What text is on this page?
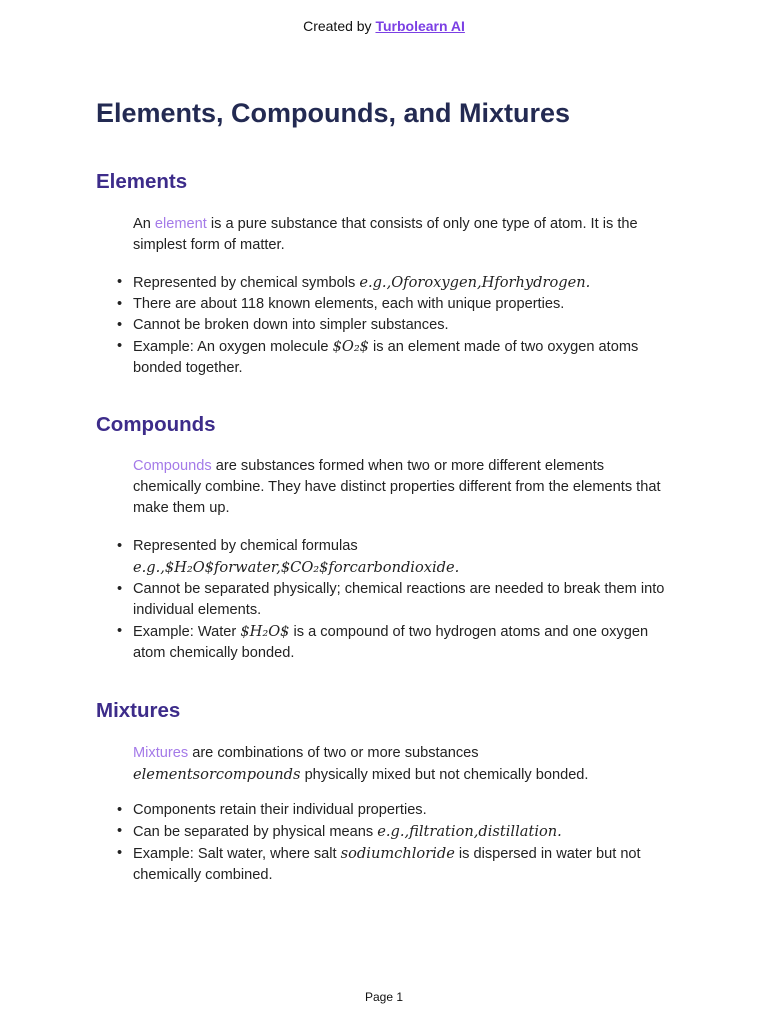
Created by Turbolearn AI
Elements, Compounds, and Mixtures
Elements

An element is a pure substance that consists of only one type of atom. It is the simplest form of matter.

• Represented by chemical symbols e.g.,Oforoxygen,Hforhydrogen.
• There are about 118 known elements, each with unique properties.
• Cannot be broken down into simpler substances.
• Example: An oxygen molecule $O₂$ is an element made of two oxygen atoms bonded together.
Compounds

Compounds are substances formed when two or more different elements chemically combine. They have distinct properties different from the elements that make them up.

• Represented by chemical formulas
e.g.,$H₂O$forwater,$CO₂$forcarbondioxide.
• Cannot be separated physically; chemical reactions are needed to break them into individual elements.
• Example: Water $H₂O$ is a compound of two hydrogen atoms and one oxygen atom chemically bonded.
Mixtures

Mixtures are combinations of two or more substances
elementsorcompounds physically mixed but not chemically bonded.

• Components retain their individual properties.
• Can be separated by physical means e.g.,filtration,distillation.
• Example: Salt water, where salt sodiumchloride is dispersed in water but not chemically combined.
Page 1
